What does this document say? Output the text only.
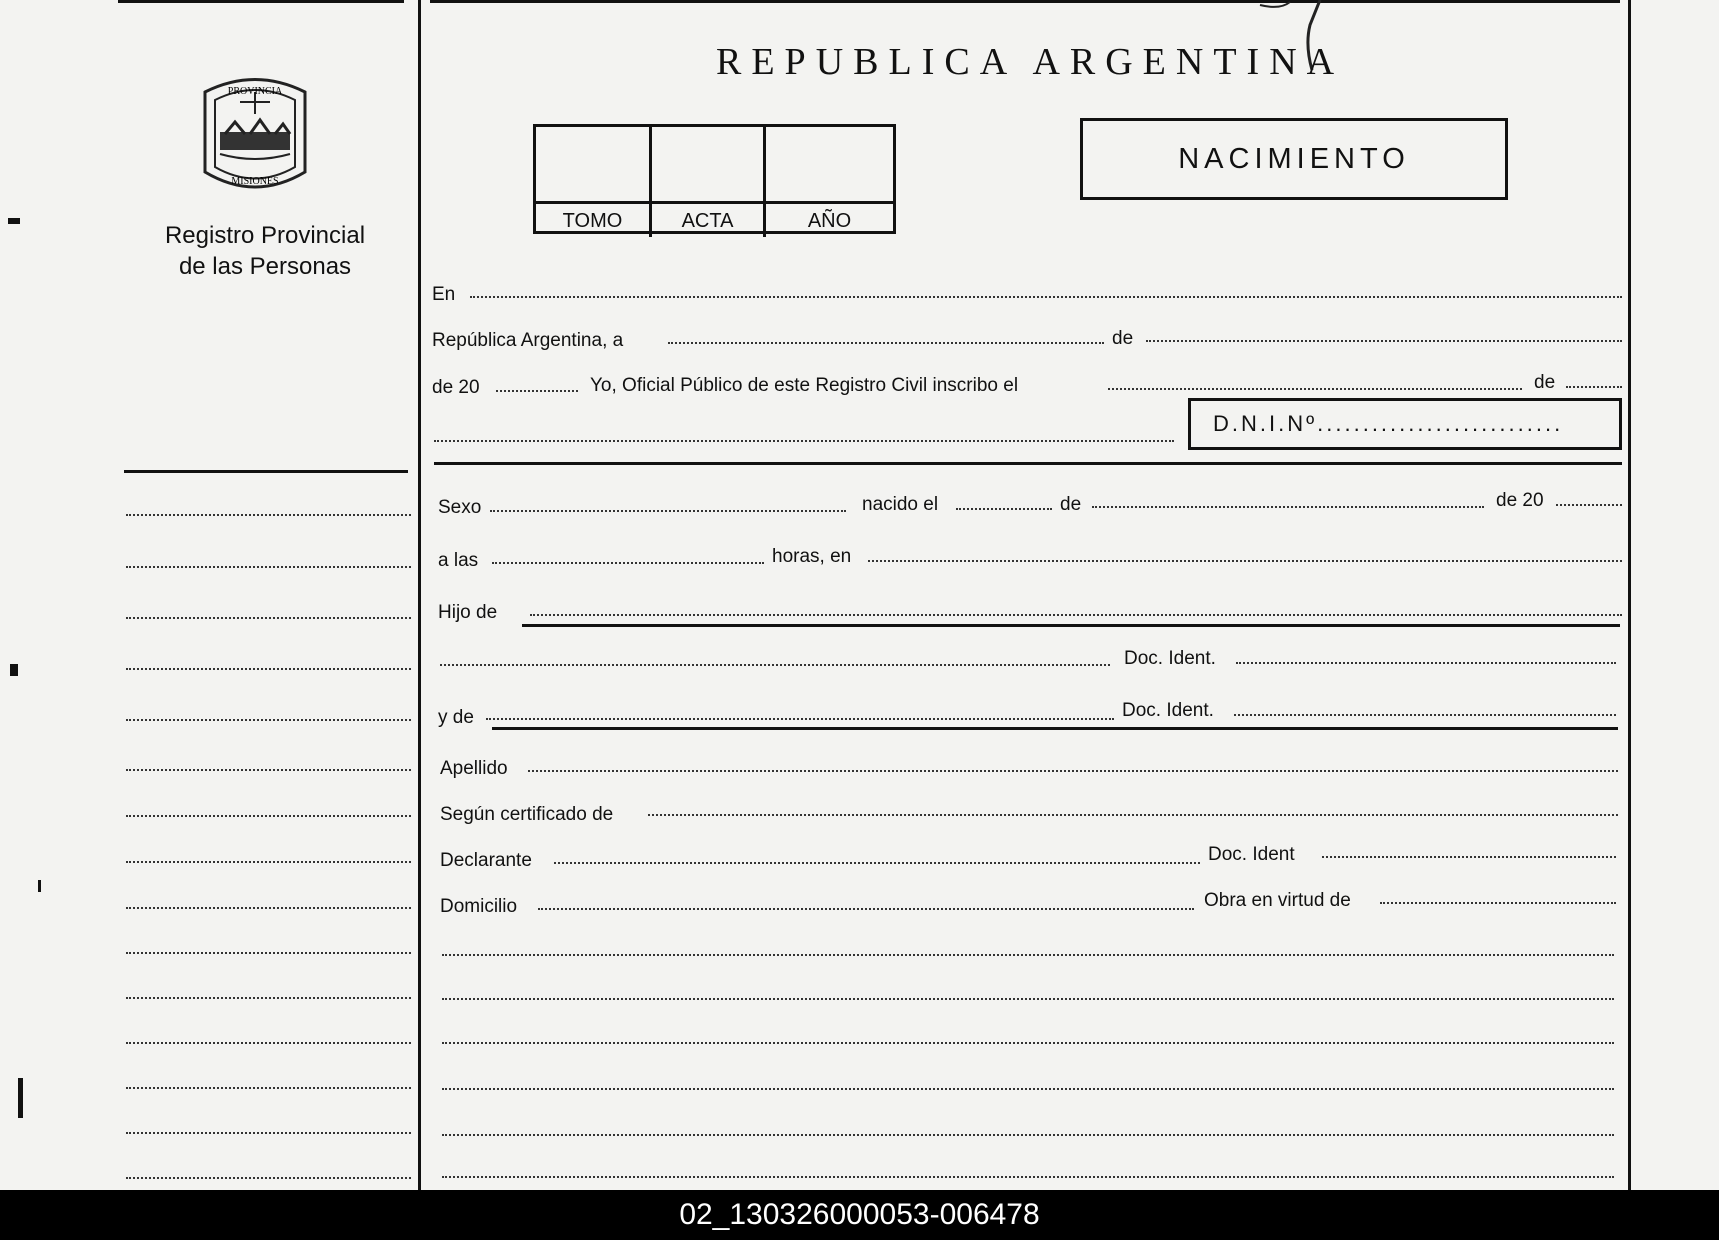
PROVINCIA
MISIONES
Registro Provincial
de las Personas
REPUBLICA ARGENTINA
TOMO	ACTA	AÑO
NACIMIENTO
En
República Argentina, a	de
de 20	Yo, Oficial Público de este Registro Civil inscribo el	de
D.N.I.Nº...........................
Sexo	nacido el	de	de 20
a las	horas, en
Hijo de
Doc. Ident.
y de	Doc. Ident.
Apellido
Según certificado de
Declarante	Doc. Ident
Domicilio	Obra en virtud de
02_130326000053-006478
